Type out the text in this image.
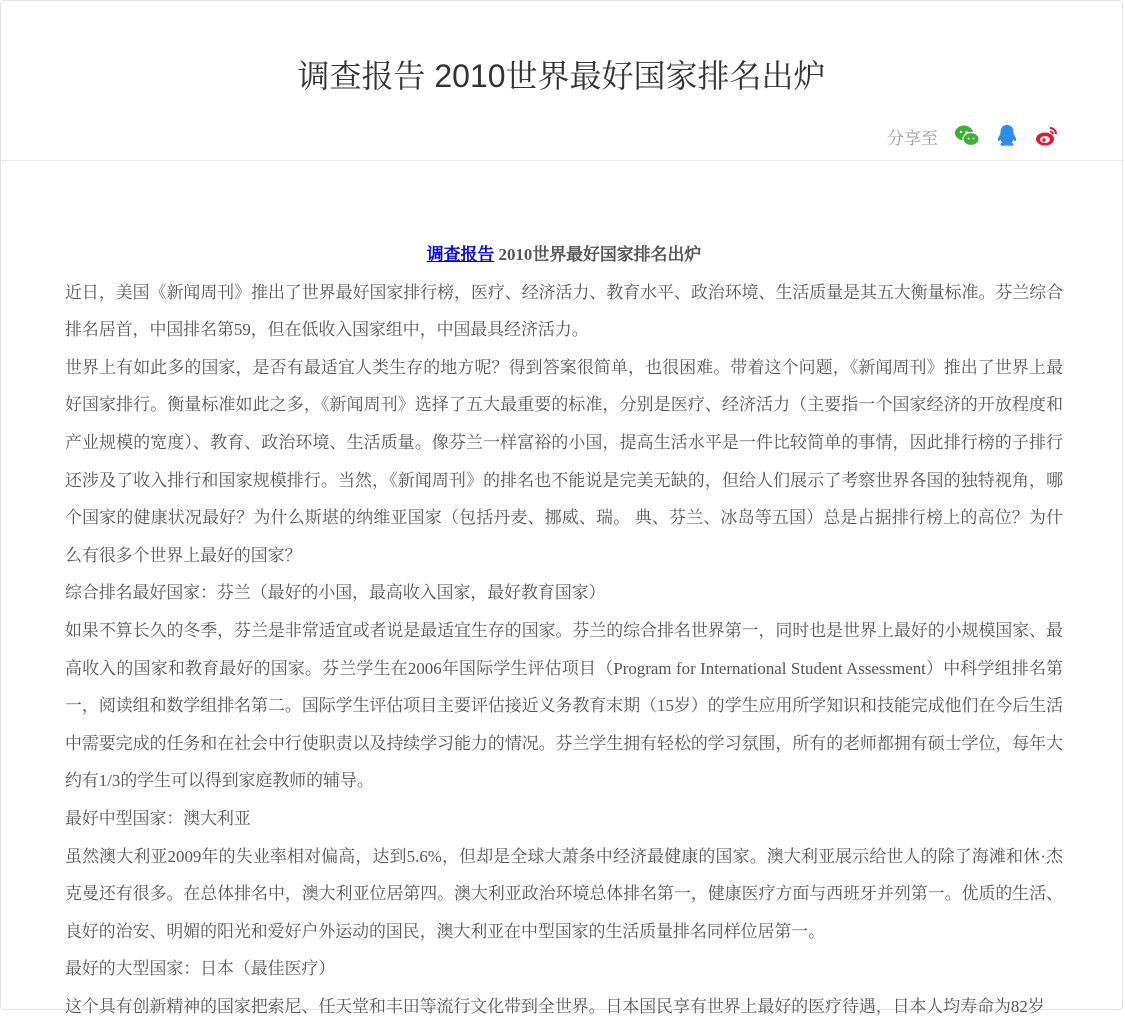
调查报告 2010世界最好国家排名出炉
分享至

调查报告 2010世界最好国家排名出炉

近日，美国《新闻周刊》推出了世界最好国家排行榜，医疗、经济活力、教育水平、政治环境、生活质量是其五大衡量标准。芬兰综合排名居首，中国排名第59，但在低收入国家组中，中国最具经济活力。

世界上有如此多的国家，是否有最适宜人类生存的地方呢？得到答案很简单，也很困难。带着这个问题，《新闻周刊》推出了世界上最好国家排行。衡量标准如此之多，《新闻周刊》选择了五大最重要的标准，分别是医疗、经济活力（主要指一个国家经济的开放程度和产业规模的宽度）、教育、政治环境、生活质量。像芬兰一样富裕的小国，提高生活水平是一件比较简单的事情，因此排行榜的子排行还涉及了收入排行和国家规模排行。当然，《新闻周刊》的排名也不能说是完美无缺的，但给人们展示了考察世界各国的独特视角，哪个国家的健康状况最好？为什么斯堪的纳维亚国家（包括丹麦、挪威、瑞。 典、芬兰、冰岛等五国）总是占据排行榜上的高位？为什么有很多个世界上最好的国家？

综合排名最好国家：芬兰（最好的小国，最高收入国家，最好教育国家）

如果不算长久的冬季，芬兰是非常适宜或者说是最适宜生存的国家。芬兰的综合排名世界第一，同时也是世界上最好的小规模国家、最高收入的国家和教育最好的国家。芬兰学生在2006年国际学生评估项目（Program for International Student Assessment）中科学组排名第一，阅读组和数学组排名第二。国际学生评估项目主要评估接近义务教育末期（15岁）的学生应用所学知识和技能完成他们在今后生活中需要完成的任务和在社会中行使职责以及持续学习能力的情况。芬兰学生拥有轻松的学习氛围，所有的老师都拥有硕士学位，每年大约有1/3的学生可以得到家庭教师的辅导。

最好中型国家：澳大利亚

虽然澳大利亚2009年的失业率相对偏高，达到5.6%，但却是全球大萧条中经济最健康的国家。澳大利亚展示给世人的除了海滩和休·杰克曼还有很多。在总体排名中，澳大利亚位居第四。澳大利亚政治环境总体排名第一，健康医疗方面与西班牙并列第一。优质的生活、良好的治安、明媚的阳光和爱好户外运动的国民，澳大利亚在中型国家的生活质量排名同样位居第一。

最好的大型国家：日本（最佳医疗）

这个具有创新精神的国家把索尼、任天堂和丰田等流行文化带到全世界。日本国民享有世界上最好的医疗待遇，日本人均寿命为82岁
